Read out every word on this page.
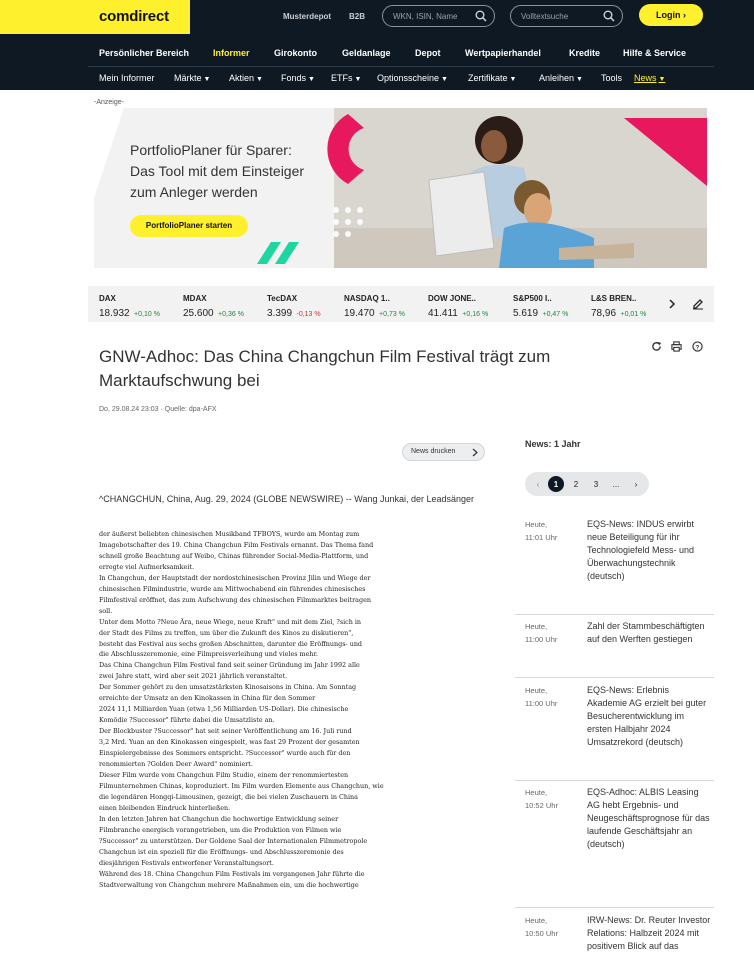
comdirect	Musterdepot B2B	WKN, ISIN, Name	Volltextsuche	Login ›
Persönlicher Bereich	Informer	Girokonto	Geldanlage	Depot	Wertpapierhandel	Kredite	Hilfe & Service
Mein Informer Märkte ▼ Aktien ▼ Fonds ▼ ETFs ▼ Optionsscheine ▼ Zertifikate ▼	Anleihen ▼ Tools News ▼
-Anzeige-
PortfolioPlaner für Sparer:
Das Tool mit dem Einsteiger
zum Anleger werden
PortfolioPlaner starten
DAX
18.932 +0,10 %
MDAX
25.600 +0,36 %
TecDAX
3.399 -0,13 %
NASDAQ 1..
19.470 +0,73 %
DOW JONE..
41.411 +0,16 %
S&P500 I..
5.619 +0,47 %
L&S BREN..
78,96 +0,01 %
GNW-Adhoc: Das China Changchun Film Festival trägt zum Marktaufschwung bei
?
Do, 29.08.24 23:03 · Quelle: dpa-AFX
News drucken
^CHANGCHUN, China, Aug. 29, 2024 (GLOBE NEWSWIRE) -- Wang Junkai, der Leadsänger

der äußerst beliebten chinesischen Musikband TFBOYS, wurde am Montag zum

Imagebotschafter des 19. China Changchun Film Festivals ernannt. Das Thema fand

schnell große Beachtung auf Weibo, Chinas führender Social-Media-Plattform, und

erregte viel Aufmerksamkeit.

In Changchun, der Hauptstadt der nordostchinesischen Provinz Jilin und Wiege der

chinesischen Filmindustrie, wurde am Mittwochabend ein führendes chinesisches

Filmfestival eröffnet, das zum Aufschwung des chinesischen Filmmarktes beitragen

soll.

Unter dem Motto ?Neue Ära, neue Wiege, neue Kraft" und mit dem Ziel, ?sich in

der Stadt des Films zu treffen, um über die Zukunft des Kinos zu diskutieren",

besteht das Festival aus sechs großen Abschnitten, darunter die Eröffnungs- und

die Abschlusszeremonie, eine Filmpreisverleihung und vieles mehr.

Das China Changchun Film Festival fand seit seiner Gründung im Jahr 1992 alle

zwei Jahre statt, wird aber seit 2021 jährlich veranstaltet.

Der Sommer gehört zu den umsatzstärksten Kinosaisons in China. Am Sonntag

erreichte der Umsatz an den Kinokassen in China für den Sommer

2024 11,1 Milliarden Yuan (etwa 1,56 Milliarden US-Dollar). Die chinesische

Komödie ?Successor" führte dabei die Umsatzliste an.

Der Blockbuster ?Successor" hat seit seiner Veröffentlichung am 16. Juli rund

3,2 Mrd. Yuan an den Kinokassen eingespielt, was fast 29 Prozent der gesamten

Einspielergebnisse des Sommers entspricht. ?Successor" wurde auch für den

renommierten ?Golden Deer Award" nominiert.

Dieser Film wurde vom Changchun Film Studio, einem der renommiertesten

Filmunternehmen Chinas, koproduziert. Im Film wurden Elemente aus Changchun, wie

die legendären Hongqi-Limousinen, gezeigt, die bei vielen Zuschauern in China

einen bleibenden Eindruck hinterließen.

In den letzten Jahren hat Changchun die hochwertige Entwicklung seiner

Filmbranche energisch vorangetrieben, um die Produktion von Filmen wie

?Successor" zu unterstützen. Der Goldene Saal der Internationalen Filmmetropole

Changchun ist ein speziell für die Eröffnungs- und Abschlusszeremonie des

diesjährigen Festivals entworfener Veranstaltungsort.

Während des 18. China Changchun Film Festivals im vergangenen Jahr führte die

Stadtverwaltung von Changchun mehrere Maßnahmen ein, um die hochwertige

News: 1 Jahr
‹	1	2	3	...	›
Heute,
11:01 Uhr
EQS-News: INDUS erwirbt neue Beteiligung für ihr Technologiefeld Mess- und Überwachungstechnik (deutsch)
Heute,
11:00 Uhr
Zahl der Stammbeschäftigten auf den Werften gestiegen
Heute,
11:00 Uhr
EQS-News: Erlebnis Akademie AG erzielt bei guter Besucherentwicklung im ersten Halbjahr 2024 Umsatzrekord (deutsch)
Heute,
10:52 Uhr
EQS-Adhoc: ALBIS Leasing AG hebt Ergebnis- und Neugeschäftsprognose für das laufende Geschäftsjahr an (deutsch)
Heute,
10:50 Uhr
IRW-News: Dr. Reuter Investor Relations: Halbzeit 2024 mit positivem Blick auf das
